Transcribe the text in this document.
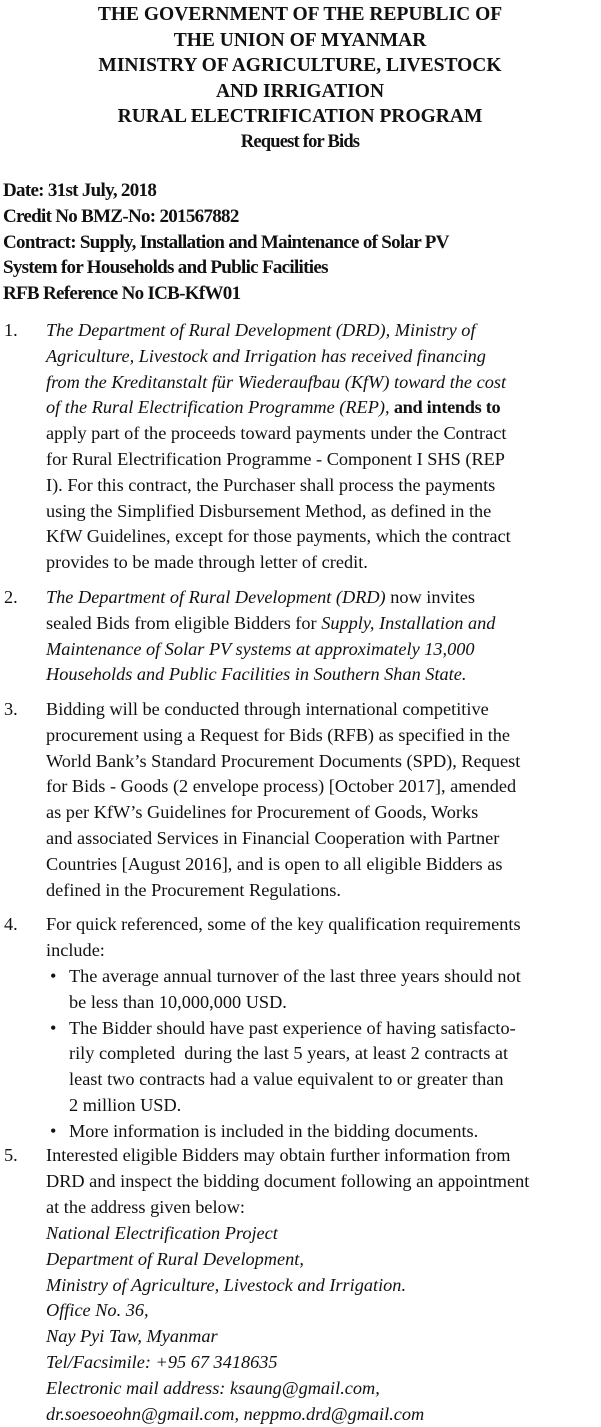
THE GOVERNMENT OF THE REPUBLIC OF
THE UNION OF MYANMAR
MINISTRY OF AGRICULTURE, LIVESTOCK
AND IRRIGATION
RURAL ELECTRIFICATION PROGRAM
Request for Bids
Date: 31st July, 2018
Credit No BMZ-No: 201567882
Contract: Supply, Installation and Maintenance of Solar PV
System for Households and Public Facilities
RFB Reference No ICB-KfW01
1. The Department of Rural Development (DRD), Ministry of
Agriculture, Livestock and Irrigation has received financing
from the Kreditanstalt für Wiederaufbau (KfW) toward the cost
of the Rural Electrification Programme (REP), and intends to
apply part of the proceeds toward payments under the Contract
for Rural Electrification Programme - Component I SHS (REP
I). For this contract, the Purchaser shall process the payments
using the Simplified Disbursement Method, as defined in the
KfW Guidelines, except for those payments, which the contract
provides to be made through letter of credit.
2. The Department of Rural Development (DRD) now invites
sealed Bids from eligible Bidders for Supply, Installation and
Maintenance of Solar PV systems at approximately 13,000
Households and Public Facilities in Southern Shan State.
3. Bidding will be conducted through international competitive
procurement using a Request for Bids (RFB) as specified in the
World Bank’s Standard Procurement Documents (SPD), Request
for Bids - Goods (2 envelope process) [October 2017], amended
as per KfW’s Guidelines for Procurement of Goods, Works
and associated Services in Financial Cooperation with Partner
Countries [August 2016], and is open to all eligible Bidders as
defined in the Procurement Regulations.
4. For quick referenced, some of the key qualification requirements
include:
• The average annual turnover of the last three years should not
be less than 10,000,000 USD.
• The Bidder should have past experience of having satisfacto-
rily completed  during the last 5 years, at least 2 contracts at
least two contracts had a value equivalent to or greater than
2 million USD.
• More information is included in the bidding documents.
5. Interested eligible Bidders may obtain further information from
DRD and inspect the bidding document following an appointment
at the address given below:
National Electrification Project
Department of Rural Development,
Ministry of Agriculture, Livestock and Irrigation.
Office No. 36,
Nay Pyi Taw, Myanmar
Tel/Facsimile: +95 67 3418635
Electronic mail address: ksaung@gmail.com,
dr.soesoeohn@gmail.com, neppmo.drd@gmail.com
